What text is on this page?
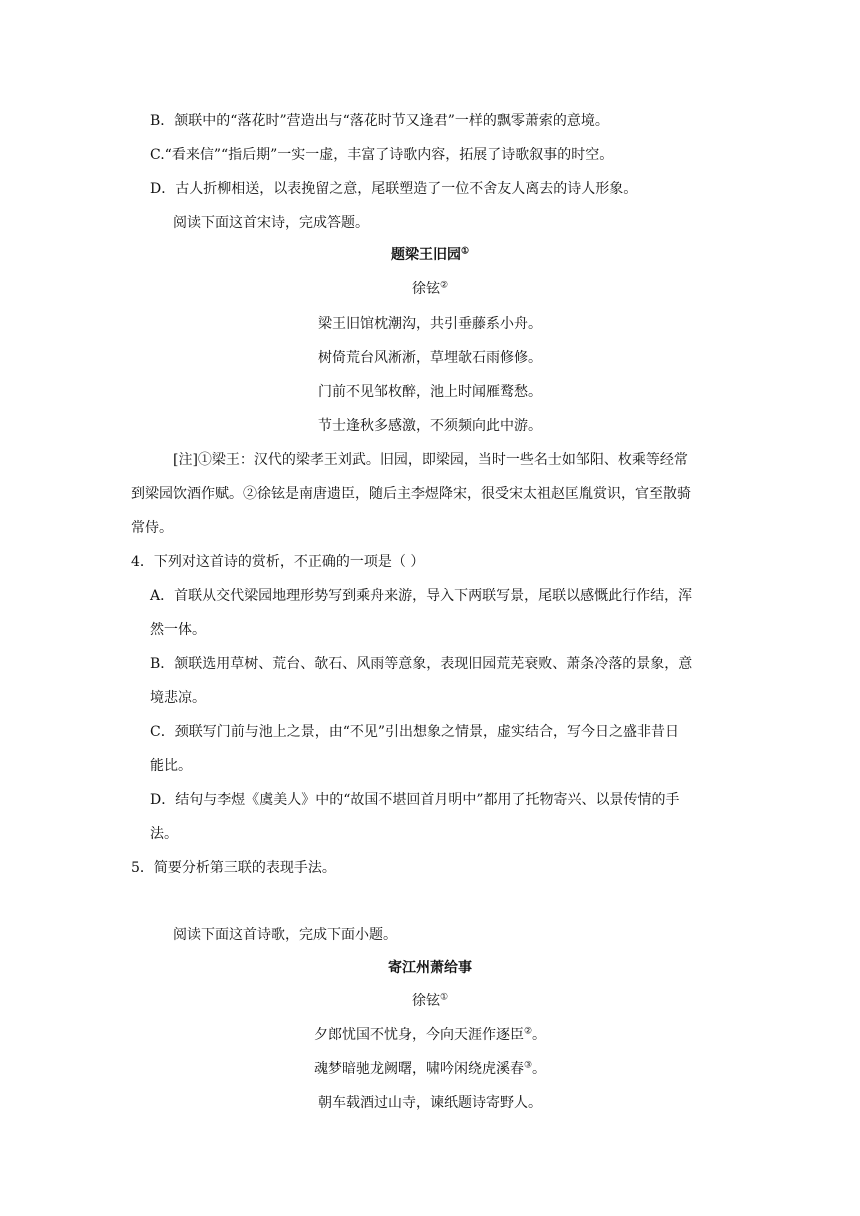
B．颔联中的“落花时”营造出与“落花时节又逢君”一样的飘零萧索的意境。
C.“看来信”“指后期”一实一虚，丰富了诗歌内容，拓展了诗歌叙事的时空。
D．古人折柳相送，以表挽留之意，尾联塑造了一位不舍友人离去的诗人形象。
阅读下面这首宋诗，完成答题。
题梁王旧园①
徐铉②
梁王旧馆枕潮沟，共引垂藤系小舟。
树倚荒台风淅淅，草埋欹石雨修修。
门前不见邹枚醉，池上时闻雁鹜愁。
节士逢秋多感激，不须频向此中游。
[注]①梁王：汉代的梁孝王刘武。旧园，即梁园，当时一些名士如邹阳、枚乘等经常
到梁园饮酒作赋。②徐铉是南唐遗臣，随后主李煜降宋，很受宋太祖赵匡胤赏识，官至散骑
常侍。
4．下列对这首诗的赏析，不正确的一项是（ ）
A．首联从交代梁园地理形势写到乘舟来游，导入下两联写景，尾联以感慨此行作结，浑
然一体。
B．颔联选用草树、荒台、欹石、风雨等意象，表现旧园荒芜衰败、萧条冷落的景象，意
境悲凉。
C．颈联写门前与池上之景，由“不见”引出想象之情景，虚实结合，写今日之盛非昔日
能比。
D．结句与李煜《虞美人》中的“故国不堪回首月明中”都用了托物寄兴、以景传情的手
法。
5．简要分析第三联的表现手法。
阅读下面这首诗歌，完成下面小题。
寄江州萧给事
徐铉①
夕郎忧国不忧身，今向天涯作逐臣②。
魂梦暗驰龙阙曙，啸吟闲绕虎溪春③。
朝车载酒过山寺，谏纸题诗寄野人。
